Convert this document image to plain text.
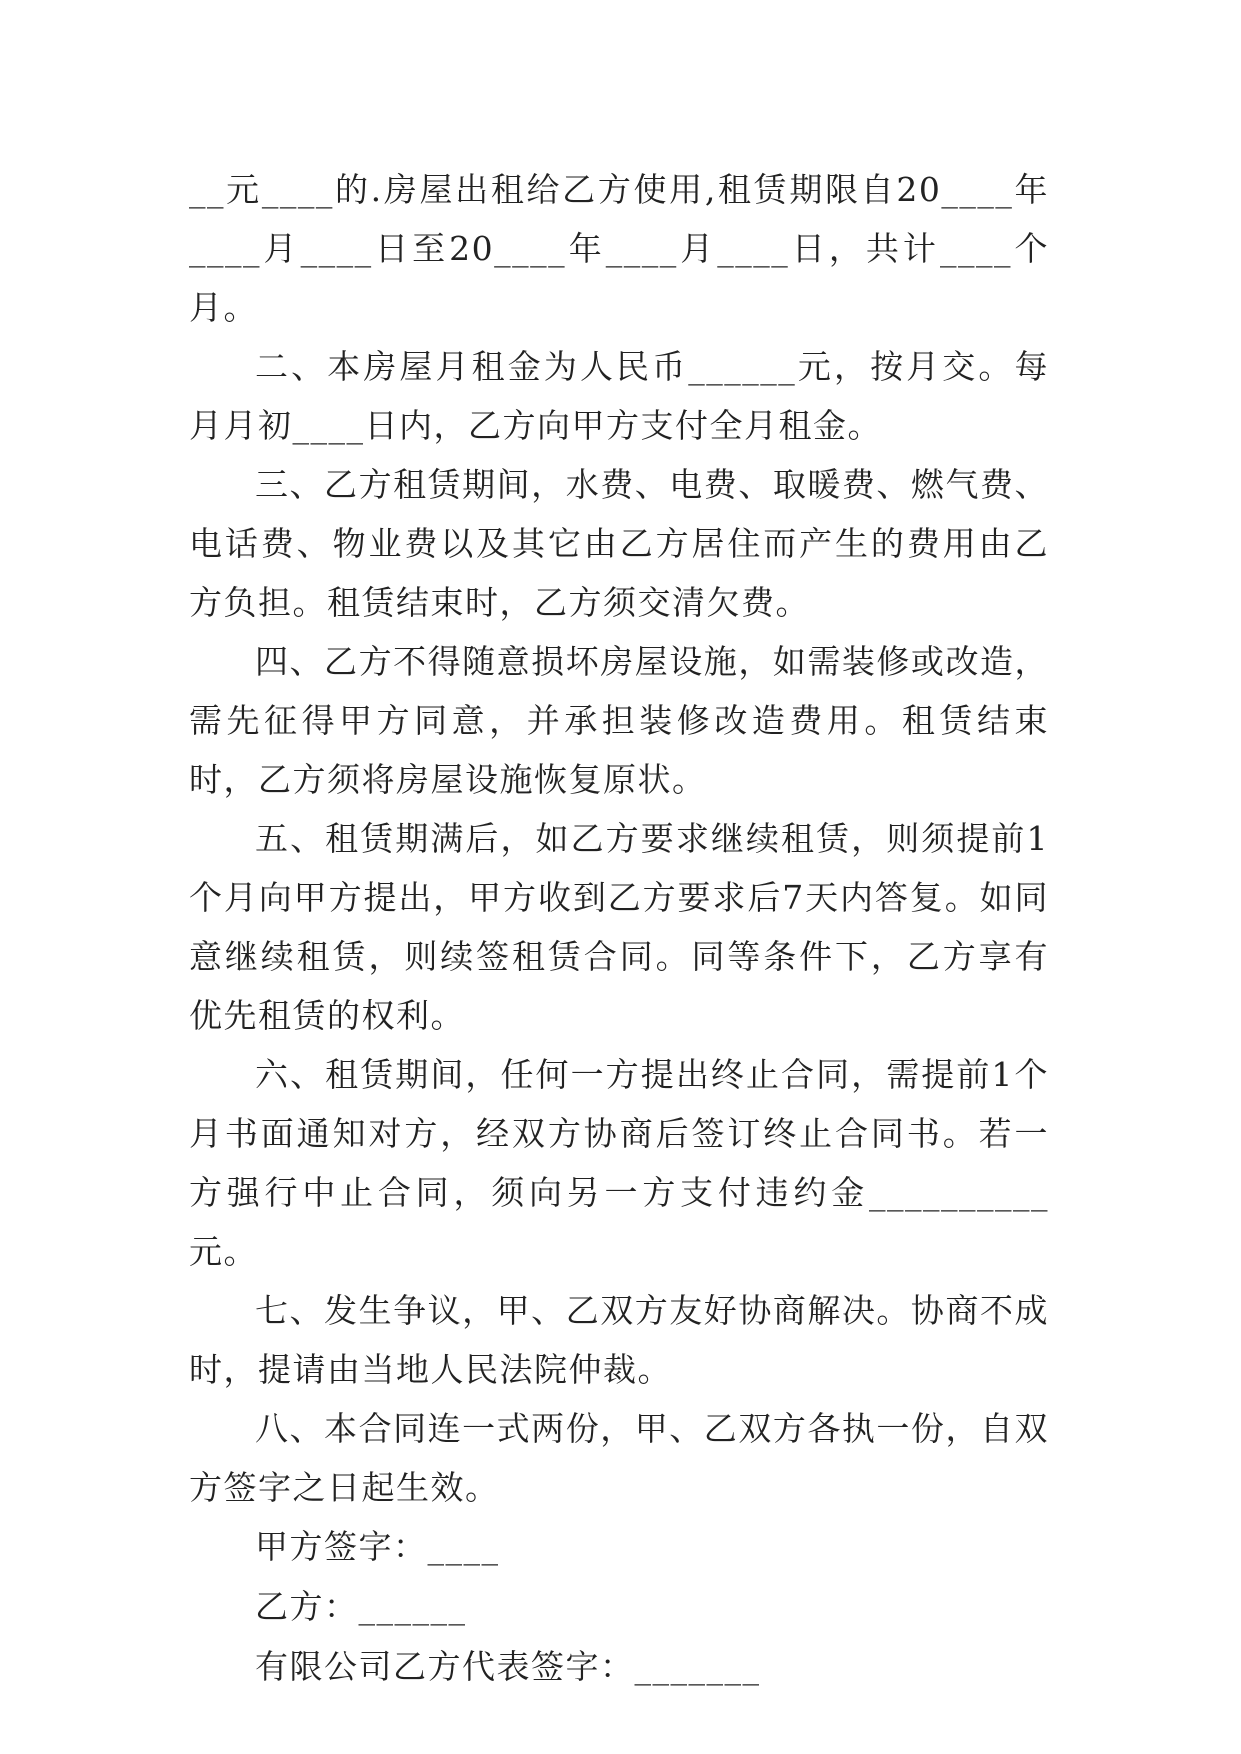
__元____的.房屋出租给乙方使用,租赁期限自20____年____月____日至20____年____月____日，共计____个月。

二、本房屋月租金为人民币______元，按月交。每月月初____日内，乙方向甲方支付全月租金。

三、乙方租赁期间，水费、电费、取暖费、燃气费、电话费、物业费以及其它由乙方居住而产生的费用由乙方负担。租赁结束时，乙方须交清欠费。

四、乙方不得随意损坏房屋设施，如需装修或改造，需先征得甲方同意，并承担装修改造费用。租赁结束时，乙方须将房屋设施恢复原状。

五、租赁期满后，如乙方要求继续租赁，则须提前1个月向甲方提出，甲方收到乙方要求后7天内答复。如同意继续租赁，则续签租赁合同。同等条件下，乙方享有优先租赁的权利。

六、租赁期间，任何一方提出终止合同，需提前1个月书面通知对方，经双方协商后签订终止合同书。若一方强行中止合同，须向另一方支付违约金__________元。

七、发生争议，甲、乙双方友好协商解决。协商不成时，提请由当地人民法院仲裁。

八、本合同连一式两份，甲、乙双方各执一份，自双方签字之日起生效。

甲方签字：____

乙方：______

有限公司乙方代表签字：_______
